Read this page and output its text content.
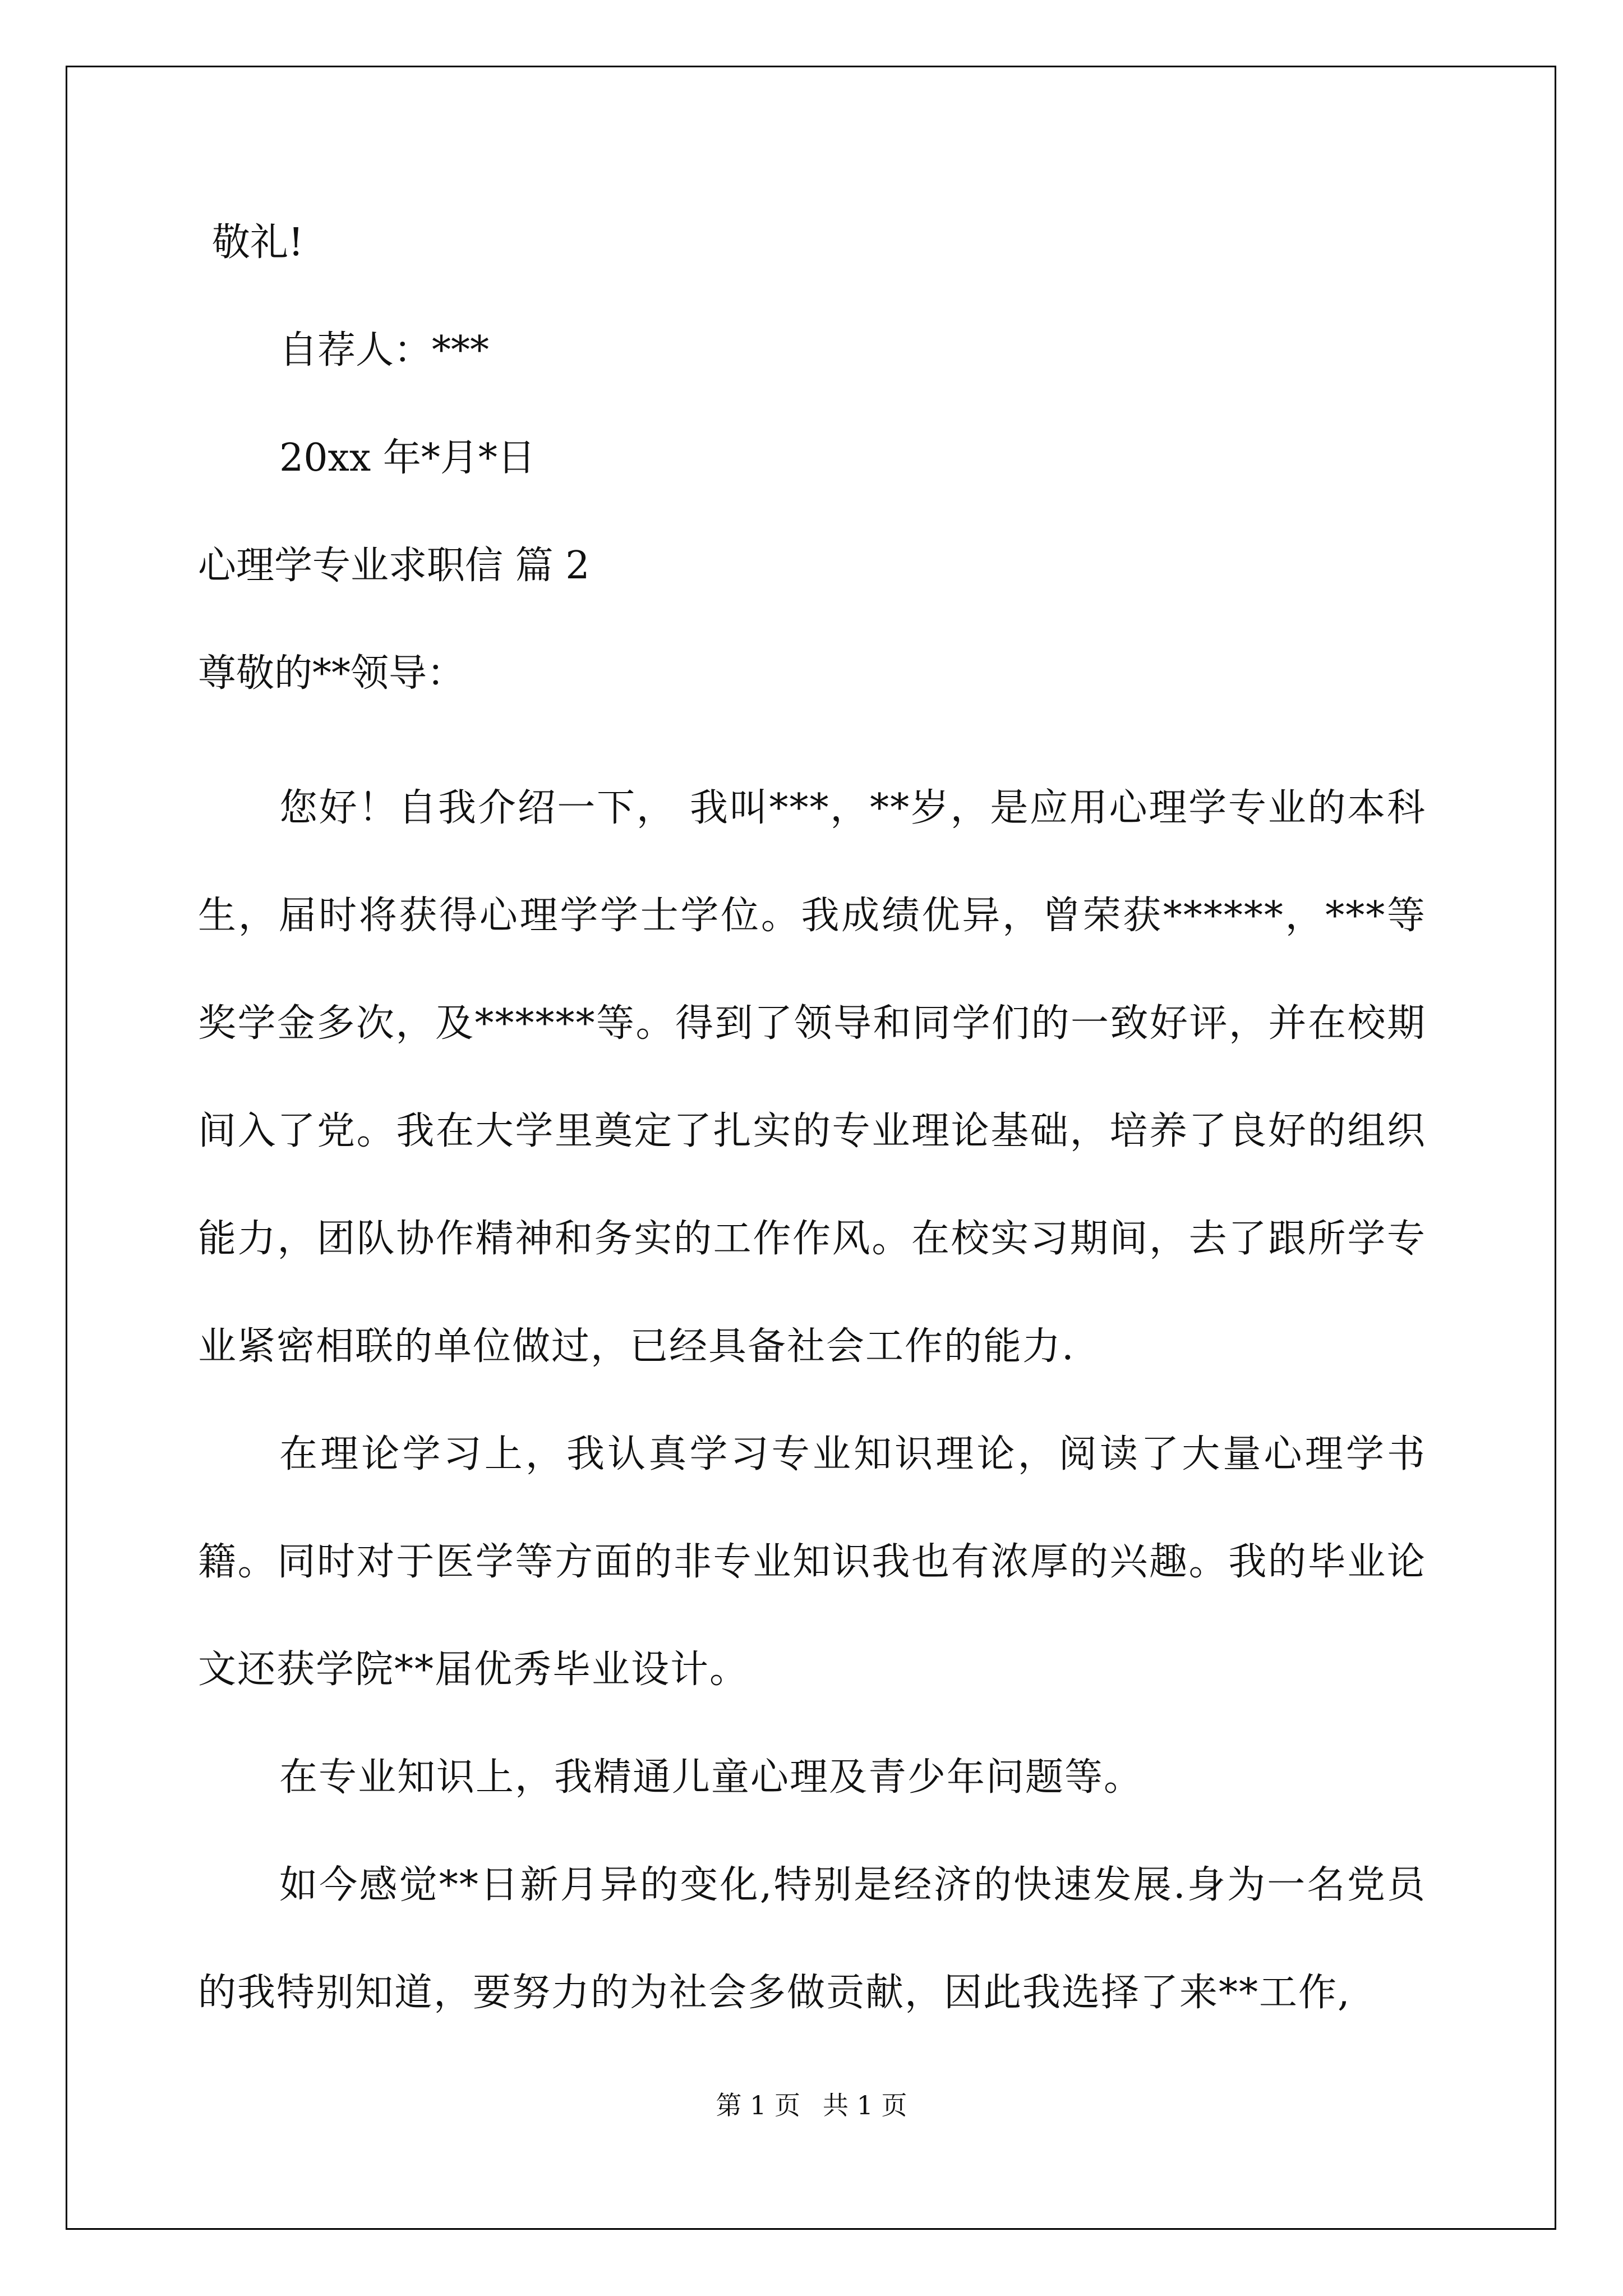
敬礼!
自荐人：***
20xx 年*月*日
心理学专业求职信 篇 2
尊敬的**领导：

您好！自我介绍一下， 我叫***，**岁，是应用心理学专业的本科生，届时将获得心理学学士学位。我成绩优异，曾荣获******，***等奖学金多次，及******等。得到了领导和同学们的一致好评，并在校期间入了党。我在大学里奠定了扎实的专业理论基础，培养了良好的组织能力，团队协作精神和务实的工作作风。在校实习期间，去了跟所学专业紧密相联的单位做过，已经具备社会工作的能力.

在理论学习上，我认真学习专业知识理论，阅读了大量心理学书籍。同时对于医学等方面的非专业知识我也有浓厚的兴趣。我的毕业论文还获学院**届优秀毕业设计。

在专业知识上，我精通儿童心理及青少年问题等。

如今感觉**日新月异的变化,特别是经济的快速发展.身为一名党员的我特别知道，要努力的为社会多做贡献，因此我选择了来**工作,

第 1 页 共 1 页
